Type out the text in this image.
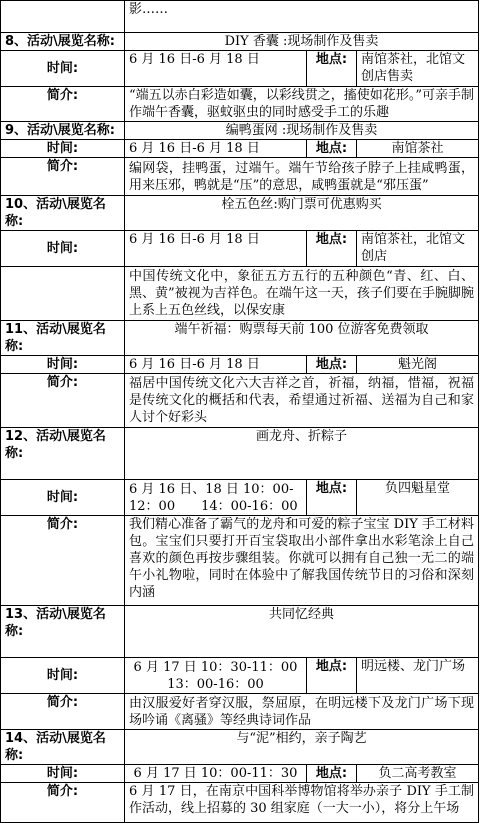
	影……		
8、活动\展览名称:	DIY 香囊 :现场制作及售卖		
时间:	6 月 16 日-6 月 18 日	地点:	南馆茶社，北馆文创店售卖
简介:	“端五以赤白彩造如囊，以彩线贯之，搐使如花形。”可亲手制作端午香囊，驱蚊驱虫的同时感受手工的乐趣		
9、活动\展览名称:	编鸭蛋网 :现场制作及售卖		
时间:	6 月 16 日-6 月 18 日	地点:	南馆茶社
简介:	编网袋，挂鸭蛋，过端午。端午节给孩子脖子上挂咸鸭蛋，用来压邪，鸭就是“压”的意思，咸鸭蛋就是“邪压蛋”		
10、活动\展览名称:	栓五色丝:购门票可优惠购买		
时间:	6 月 16 日-6 月 18 日	地点:	南馆茶社，北馆文创店
	中国传统文化中，象征五方五行的五种颜色“青、红、白、黑、黄”被视为吉祥色。在端午这一天，孩子们要在手腕脚腕上系上五色丝线，以保安康		
11、活动\展览名称:	端午祈福：购票每天前 100 位游客免费领取		
时间:	6 月 16 日-6 月 18 日	地点:	魁光阁
简介:	福居中国传统文化六大吉祥之首，祈福，纳福，惜福，祝福是传统文化的概括和代表，希望通过祈福、送福为自己和家人讨个好彩头		
12、活动\展览名称:	画龙舟、折粽子		
时间:	6 月 16 日、18 日 10：00-12：00　　14：00-16：00	地点:	负四魁星堂
简介:	我们精心准备了霸气的龙舟和可爱的粽子宝宝 DIY 手工材料包。宝宝们只要打开百宝袋取出小部件拿出水彩笔涂上自己喜欢的颜色再按步骤组装。你就可以拥有自己独一无二的端午小礼物啦，同时在体验中了解我国传统节日的习俗和深刻内涵		
13、活动\展览名称:	共同忆经典		
时间:	6 月 17 日 10：30-11：00　　13：00-16：00	地点:	明远楼、龙门广场
简介:	由汉服爱好者穿汉服，祭屈原，在明远楼下及龙门广场下现场吟诵《离骚》等经典诗词作品		
14、活动\展览名称:	与“泥”相约，亲子陶艺		
时间:	6 月 17 日 10：00-11：30	地点:	负二高考教室
简介:	6 月 17 日，在南京中国科举博物馆将举办亲子 DIY 手工制作活动，线上招募的 30 组家庭（一大一小），将分上午场		
